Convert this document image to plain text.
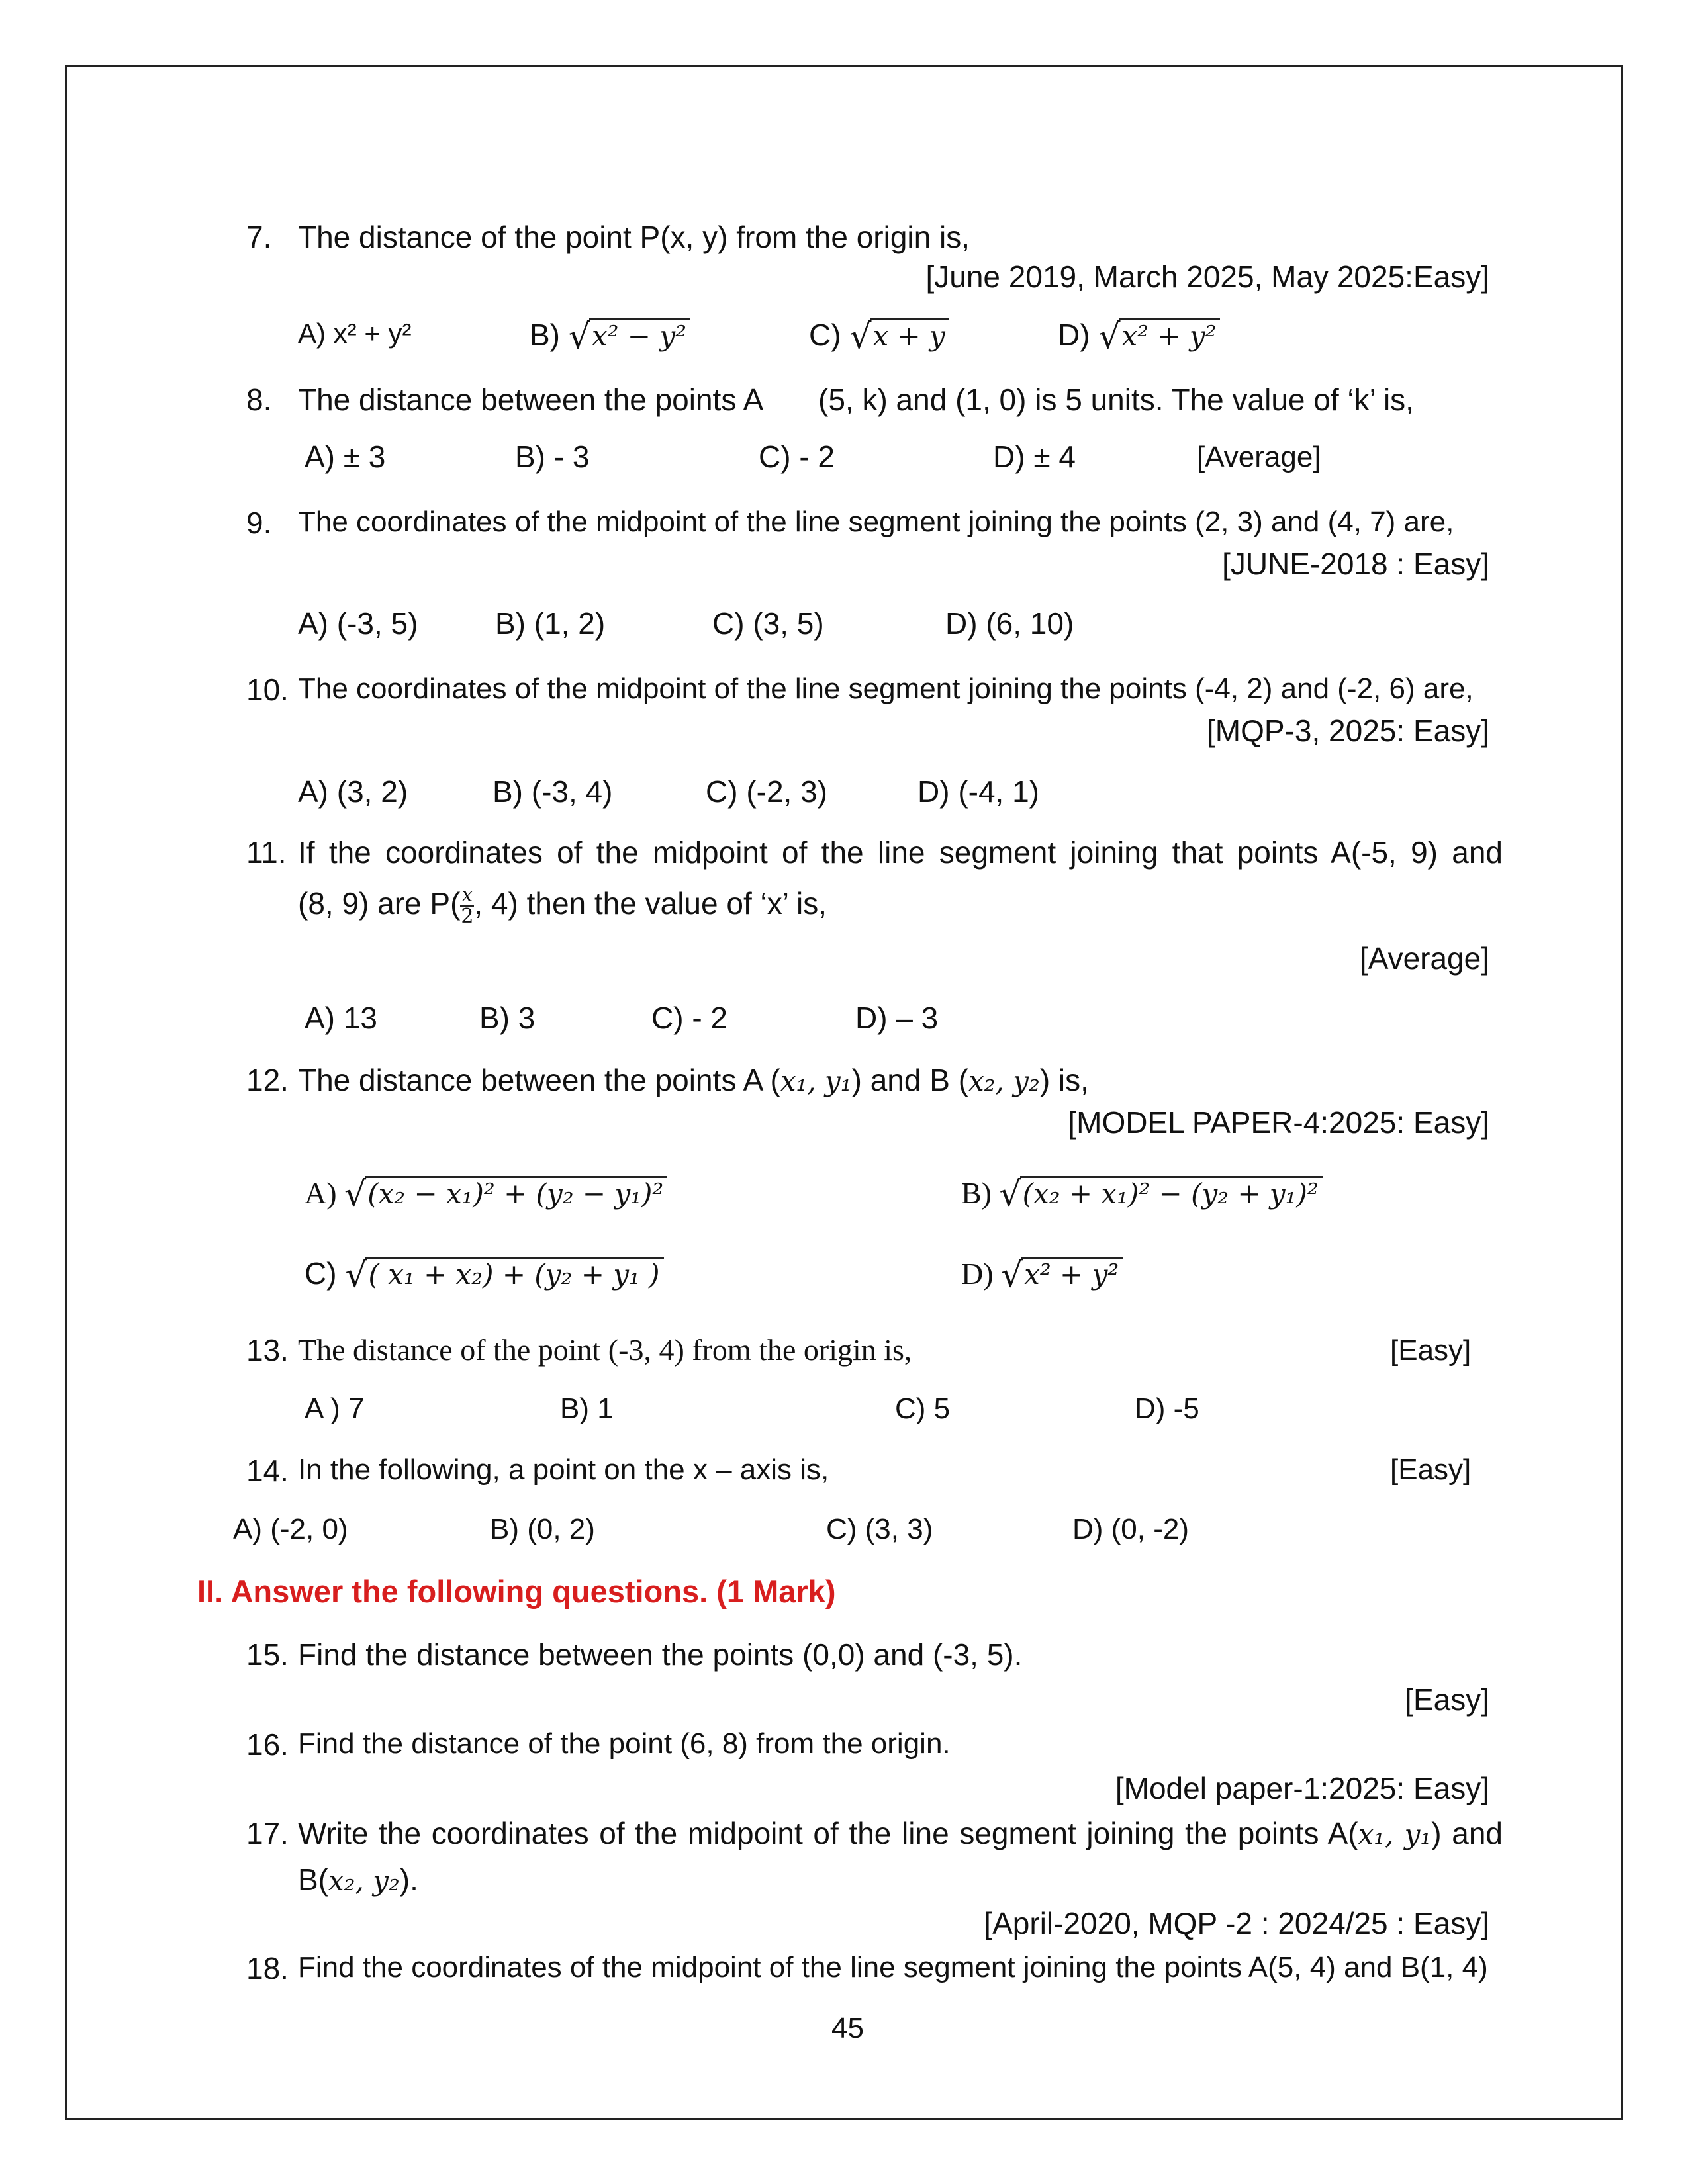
7. The distance of the point P(x, y) from the origin is,
[June 2019, March 2025, May 2025:Easy]
A) x² + y²	B) √x² − y²	C) √x + y	D) √x² + y²
8. The distance between the points A (5, k) and (1, 0) is 5 units. The value of ‘k’ is,
A) ± 3	B) - 3	C) - 2	D) ± 4	[Average]
9. The coordinates of the midpoint of the line segment joining the points (2, 3) and (4, 7) are,
[JUNE-2018 : Easy]
A) (-3, 5)	B) (1, 2)	C) (3, 5)	D) (6, 10)
10. The coordinates of the midpoint of the line segment joining the points (-4, 2) and (-2, 6) are,
[MQP-3, 2025: Easy]
A) (3, 2)	B) (-3, 4)	C) (-2, 3)	D) (-4, 1)
11. If the coordinates of the midpoint of the line segment joining that points A(-5, 9) and
(8, 9) are $P( \frac{x}{2}$ , 4) then the value of ‘x’ is,
[Average]
A) 13	B) 3	C) - 2	D) – 3
12. The distance between the points A (x₁, y₁) and B (x₂, y₂) is,
[MODEL PAPER-4:2025: Easy]
A) √(x₂ − x₁)² + (y₂ − y₁)²	B) √(x₂ + x₁)² − (y₂ + y₁)²
C) √( x₁ + x₂) + (y₂ + y₁ )	D) √x² + y²
13. The distance of the point (-3, 4) from the origin is,	[Easy]
A ) 7	B) 1	C) 5	D) -5
14. In the following, a point on the x – axis is,	[Easy]
A) (-2, 0)	B) (0, 2)	C) (3, 3)	D) (0, -2)
II. Answer the following questions. (1 Mark)
15. Find the distance between the points (0,0) and (-3, 5).
[Easy]
16. Find the distance of the point (6, 8) from the origin.
[Model paper-1:2025: Easy]
17. Write the coordinates of the midpoint of the line segment joining the points A(x₁, y₁) and
B(x₂, y₂).
[April-2020, MQP -2 : 2024/25 : Easy]
18. Find the coordinates of the midpoint of the line segment joining the points A(5, 4) and B(1, 4)
45
